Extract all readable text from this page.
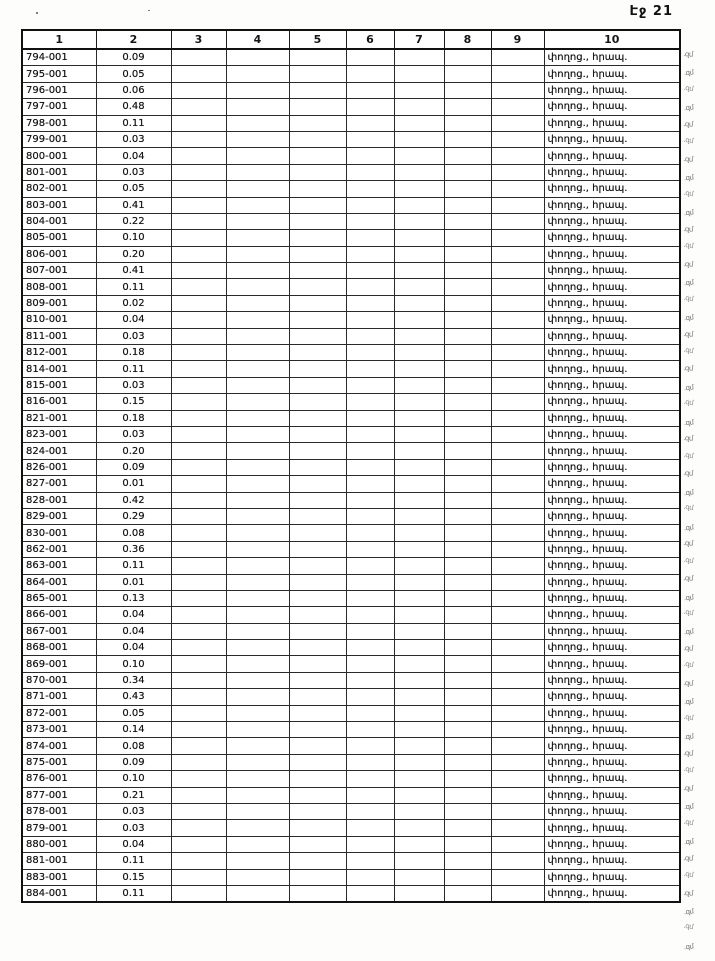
Էջ 21
1	2	3	4	5	6	7	8	9	10
794-001	0.09								փողոց., հրապ.
795-001	0.05								փողոց., հրապ.
796-001	0.06								փողոց., հրապ.
797-001	0.48								փողոց., հրապ.
798-001	0.11								փողոց., հրապ.
799-001	0.03								փողոց., հրապ.
800-001	0.04								փողոց., հրապ.
801-001	0.03								փողոց., հրապ.
802-001	0.05								փողոց., հրապ.
803-001	0.41								փողոց., հրապ.
804-001	0.22								փողոց., հրապ.
805-001	0.10								փողոց., հրապ.
806-001	0.20								փողոց., հրապ.
807-001	0.41								փողոց., հրապ.
808-001	0.11								փողոց., հրապ.
809-001	0.02								փողոց., հրապ.
810-001	0.04								փողոց., հրապ.
811-001	0.03								փողոց., հրապ.
812-001	0.18								փողոց., հրապ.
814-001	0.11								փողոց., հրապ.
815-001	0.03								փողոց., հրապ.
816-001	0.15								փողոց., հրապ.
821-001	0.18								փողոց., հրապ.
823-001	0.03								փողոց., հրապ.
824-001	0.20								փողոց., հրապ.
826-001	0.09								փողոց., հրապ.
827-001	0.01								փողոց., հրապ.
828-001	0.42								փողոց., հրապ.
829-001	0.29								փողոց., հրապ.
830-001	0.08								փողոց., հրապ.
862-001	0.36								փողոց., հրապ.
863-001	0.11								փողոց., հրապ.
864-001	0.01								փողոց., հրապ.
865-001	0.13								փողոց., հրապ.
866-001	0.04								փողոց., հրապ.
867-001	0.04								փողոց., հրապ.
868-001	0.04								փողոց., հրապ.
869-001	0.10								փողոց., հրապ.
870-001	0.34								փողոց., հրապ.
871-001	0.43								փողոց., հրապ.
872-001	0.05								փողոց., հրապ.
873-001	0.14								փողոց., հրապ.
874-001	0.08								փողոց., հրապ.
875-001	0.09								փողոց., հրապ.
876-001	0.10								փողոց., հրապ.
877-001	0.21								փողոց., հրապ.
878-001	0.03								փողոց., հրապ.
879-001	0.03								փողոց., հրապ.
880-001	0.04								փողոց., հրապ.
881-001	0.11								փողոց., հրապ.
883-001	0.15								փողոց., հրապ.
884-001	0.11								փողոց., հրապ.
.զմ
.զմ
.զմ
.զմ
.զմ
.զմ
.զմ
.զմ
.զմ
.զմ
.զմ
.զմ
.զմ
.զմ
.զմ
.զմ
.զմ
.զմ
.զմ
.զմ
.զմ
.զմ
.զմ
.զմ
.զմ
.զմ
.զմ
.զմ
.զմ
.զմ
.զմ
.զմ
.զմ
.զմ
.զմ
.զմ
.զմ
.զմ
.զմ
.զմ
.զմ
.զմ
.զմ
.զմ
.զմ
.զմ
.զմ
.զմ
.զմ
.զմ
.զմ
.զմ
